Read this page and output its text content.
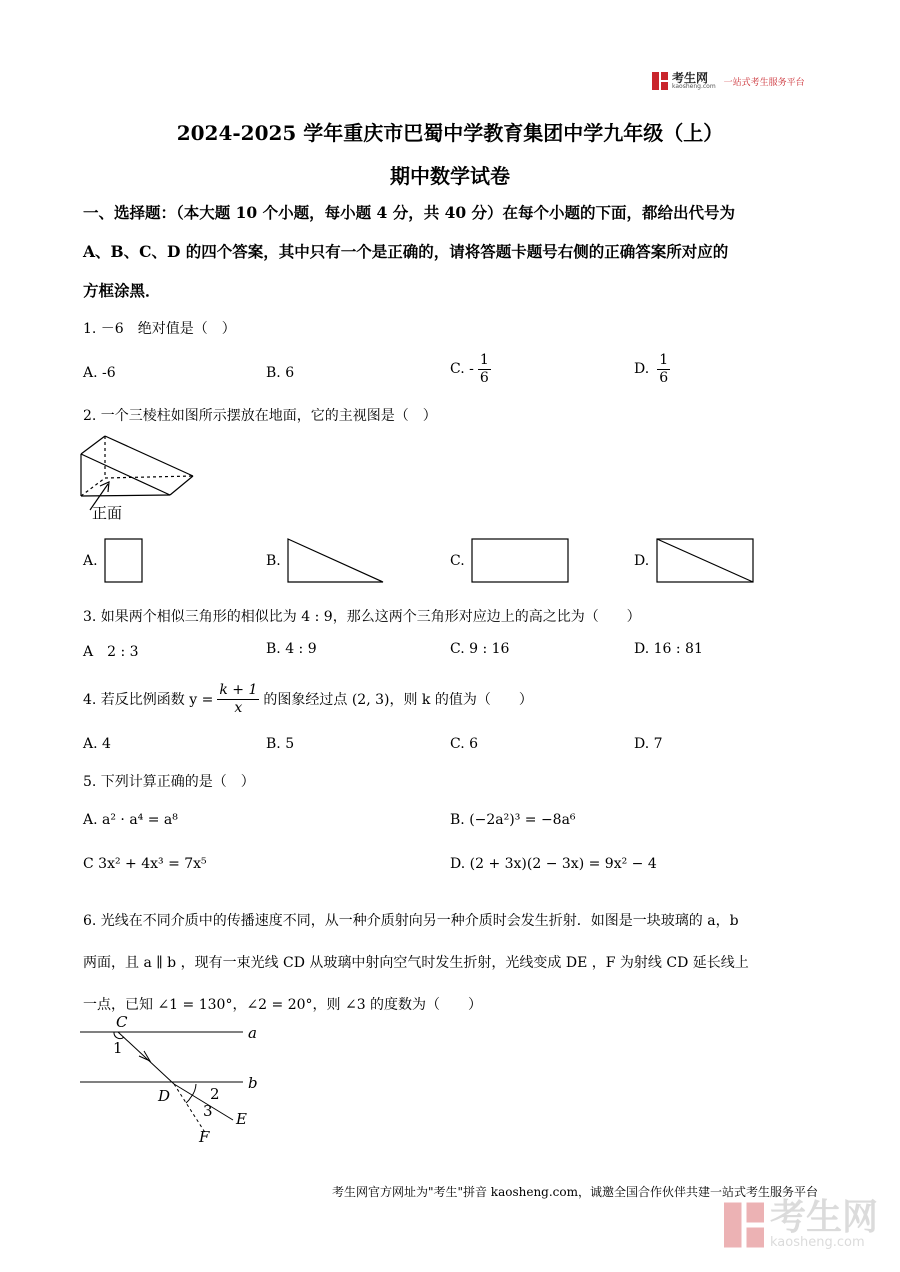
考生网
kaosheng.com 一站式考生服务平台
2024-2025 学年重庆市巴蜀中学教育集团中学九年级（上）
期中数学试卷
一、选择题：（本大题 10 个小题，每小题 4 分，共 40 分）在每个小题的下面，都给出代号为
A、B、C、D 的四个答案，其中只有一个是正确的，请将答题卡题号右侧的正确答案所对应的
方框涂黑．
1. －6　绝对值是（　）
A. -6	B. 6	C. - $\frac{1}{6}$	D. $\frac{1}{6}$
2. 一个三棱柱如图所示摆放在地面，它的主视图是（　）
正面
A.	B.	C.	D.
3. 如果两个相似三角形的相似比为 4 : 9，那么这两个三角形对应边上的高之比为（　　）
A　2 : 3	B. 4 : 9	C. 9 : 16	D. 16 : 81
4. 若反比例函数 $y = \frac{k + 1}{x}$ 的图象经过点 (2, 3)，则 k 的值为（　　）
A. 4	B. 5	C. 6	D. 7
5. 下列计算正确的是（　）
A. a² · a⁴ = a⁸	B. (−2a²)³ = −8a⁶
C 3x² + 4x³ = 7x⁵	D. (2 + 3x)(2 − 3x) = 9x² − 4
6. 光线在不同介质中的传播速度不同，从一种介质射向另一种介质时会发生折射．如图是一块玻璃的 a，b
两面，且 a ∥ b ，现有一束光线 CD 从玻璃中射向空气时发生折射，光线变成 DE ，F 为射线 CD 延长线上
一点，已知 ∠1 = 130°，∠2 = 20°，则 ∠3 的度数为（　　）
C
a
1
b
D	2
3 E
F
考生网官方网址为"考生"拼音 kaosheng.com，诚邀全国合作伙伴共建一站式考生服务平台
考生网
kaosheng.com
